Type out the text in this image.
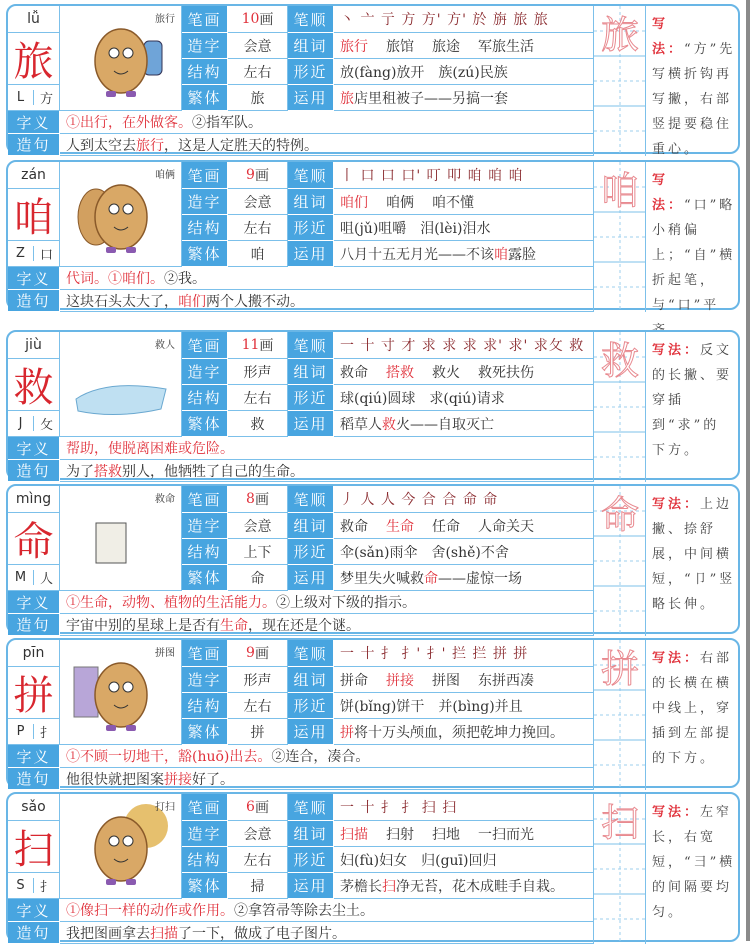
lǚ
旅
L	方
旅行 笔画	10 画	笔顺 丶 亠 亍 方 方' 方' 於 旃 旅 旅
造字	会意	组词 旅行 旅馆 旅途 军旅生活
结构	左右	形近 放(fàng)放开　族(zú)民族
繁体	旅	运用 旅 店里租被子——另搞一套
字义	①出行，在外做客。 ②指军队。
造句	人到太空去 旅行 ，这是人定胜天的特例。
旅	写法：“方”先写横折钩再写撇，右部竖提要稳住重心。
zán
咱
Z	口
咱俩 笔画	9 画	笔顺 丨 口 口 口' 叮 叩 咱 咱 咱
造字	会意	组词 咱们 咱俩 咱不懂
结构	左右	形近 咀(jǔ)咀嚼　泪(lèi)泪水
繁体	咱	运用 八月十五无月光——不该 咱 露脸
字义	代词。①咱们。 ②我。
造句	这块石头太大了， 咱们 两个人搬不动。
咱	写法：“口”略小稍偏上；“自”横折起笔，与“口”平
jiù
救
J	攵
救人 笔画	11 画	笔顺 一 十 寸 才 求 求 求 求' 求' 求攵 救
造字	形声	组词 救命 搭救 救火 救死扶伤
结构	左右	形近 球(qiú)圆球　求(qiú)请求
繁体	救	运用 稻草人 救 火——自取灭亡
字义	帮助，使脱离困难或危险。
造句	为了 搭救 别人，他牺牲了自己的生命。
救	写法：反文的长撇、要穿插到“求”的下方。
mìng
命
M	人
救命 笔画	8 画	笔顺 丿 人 人 今 合 合 命 命
造字	会意	组词 救命 生命 任命 人命关天
结构	上下	形近 伞(sǎn)雨伞　舍(shě)不舍
繁体	命	运用 梦里失火喊救 命 ——虚惊一场
字义	①生命，动物、植物的生活能力。 ②上级对下级的指示。
造句	宇宙中别的星球上是否有 生命 ，现在还是个谜。
命	写法：上边撇、捺舒展，中间横短，“卩”竖略长伸。
pīn
拼
P	扌
拼图 笔画	9 画	笔顺 一 十 扌 扌' 扌' 拦 拦 拼 拼
造字	形声	组词 拼命 拼接 拼图 东拼西凑
结构	左右	形近 饼(bǐng)饼干　并(bìng)并且
繁体	拼	运用 拼 将十万头颅血，须把乾坤力挽回。
字义	①不顾一切地干，豁(huō)出去。 ②连合，凑合。
造句	他很快就把图案 拼接 好了。
拼	写法：右部的长横在横中线上，穿插到左部提的下方。
sǎo
扫
S	扌
打扫 笔画	6 画	笔顺 一 十 扌 扌 扫 扫
造字	会意	组词 扫描 扫射 扫地 一扫而光
结构	左右	形近 妇(fù)妇女　归(guī)回归
繁体	掃	运用 茅檐长 扫 净无苔，花木成畦手自栽。
字义	①像扫一样的动作或作用。 ②拿笤帚等除去尘土。
造句	我把图画拿去 扫描 了一下，做成了电子图片。
扫	写法：左窄长，右宽短，“彐”横的间隔要均匀。
